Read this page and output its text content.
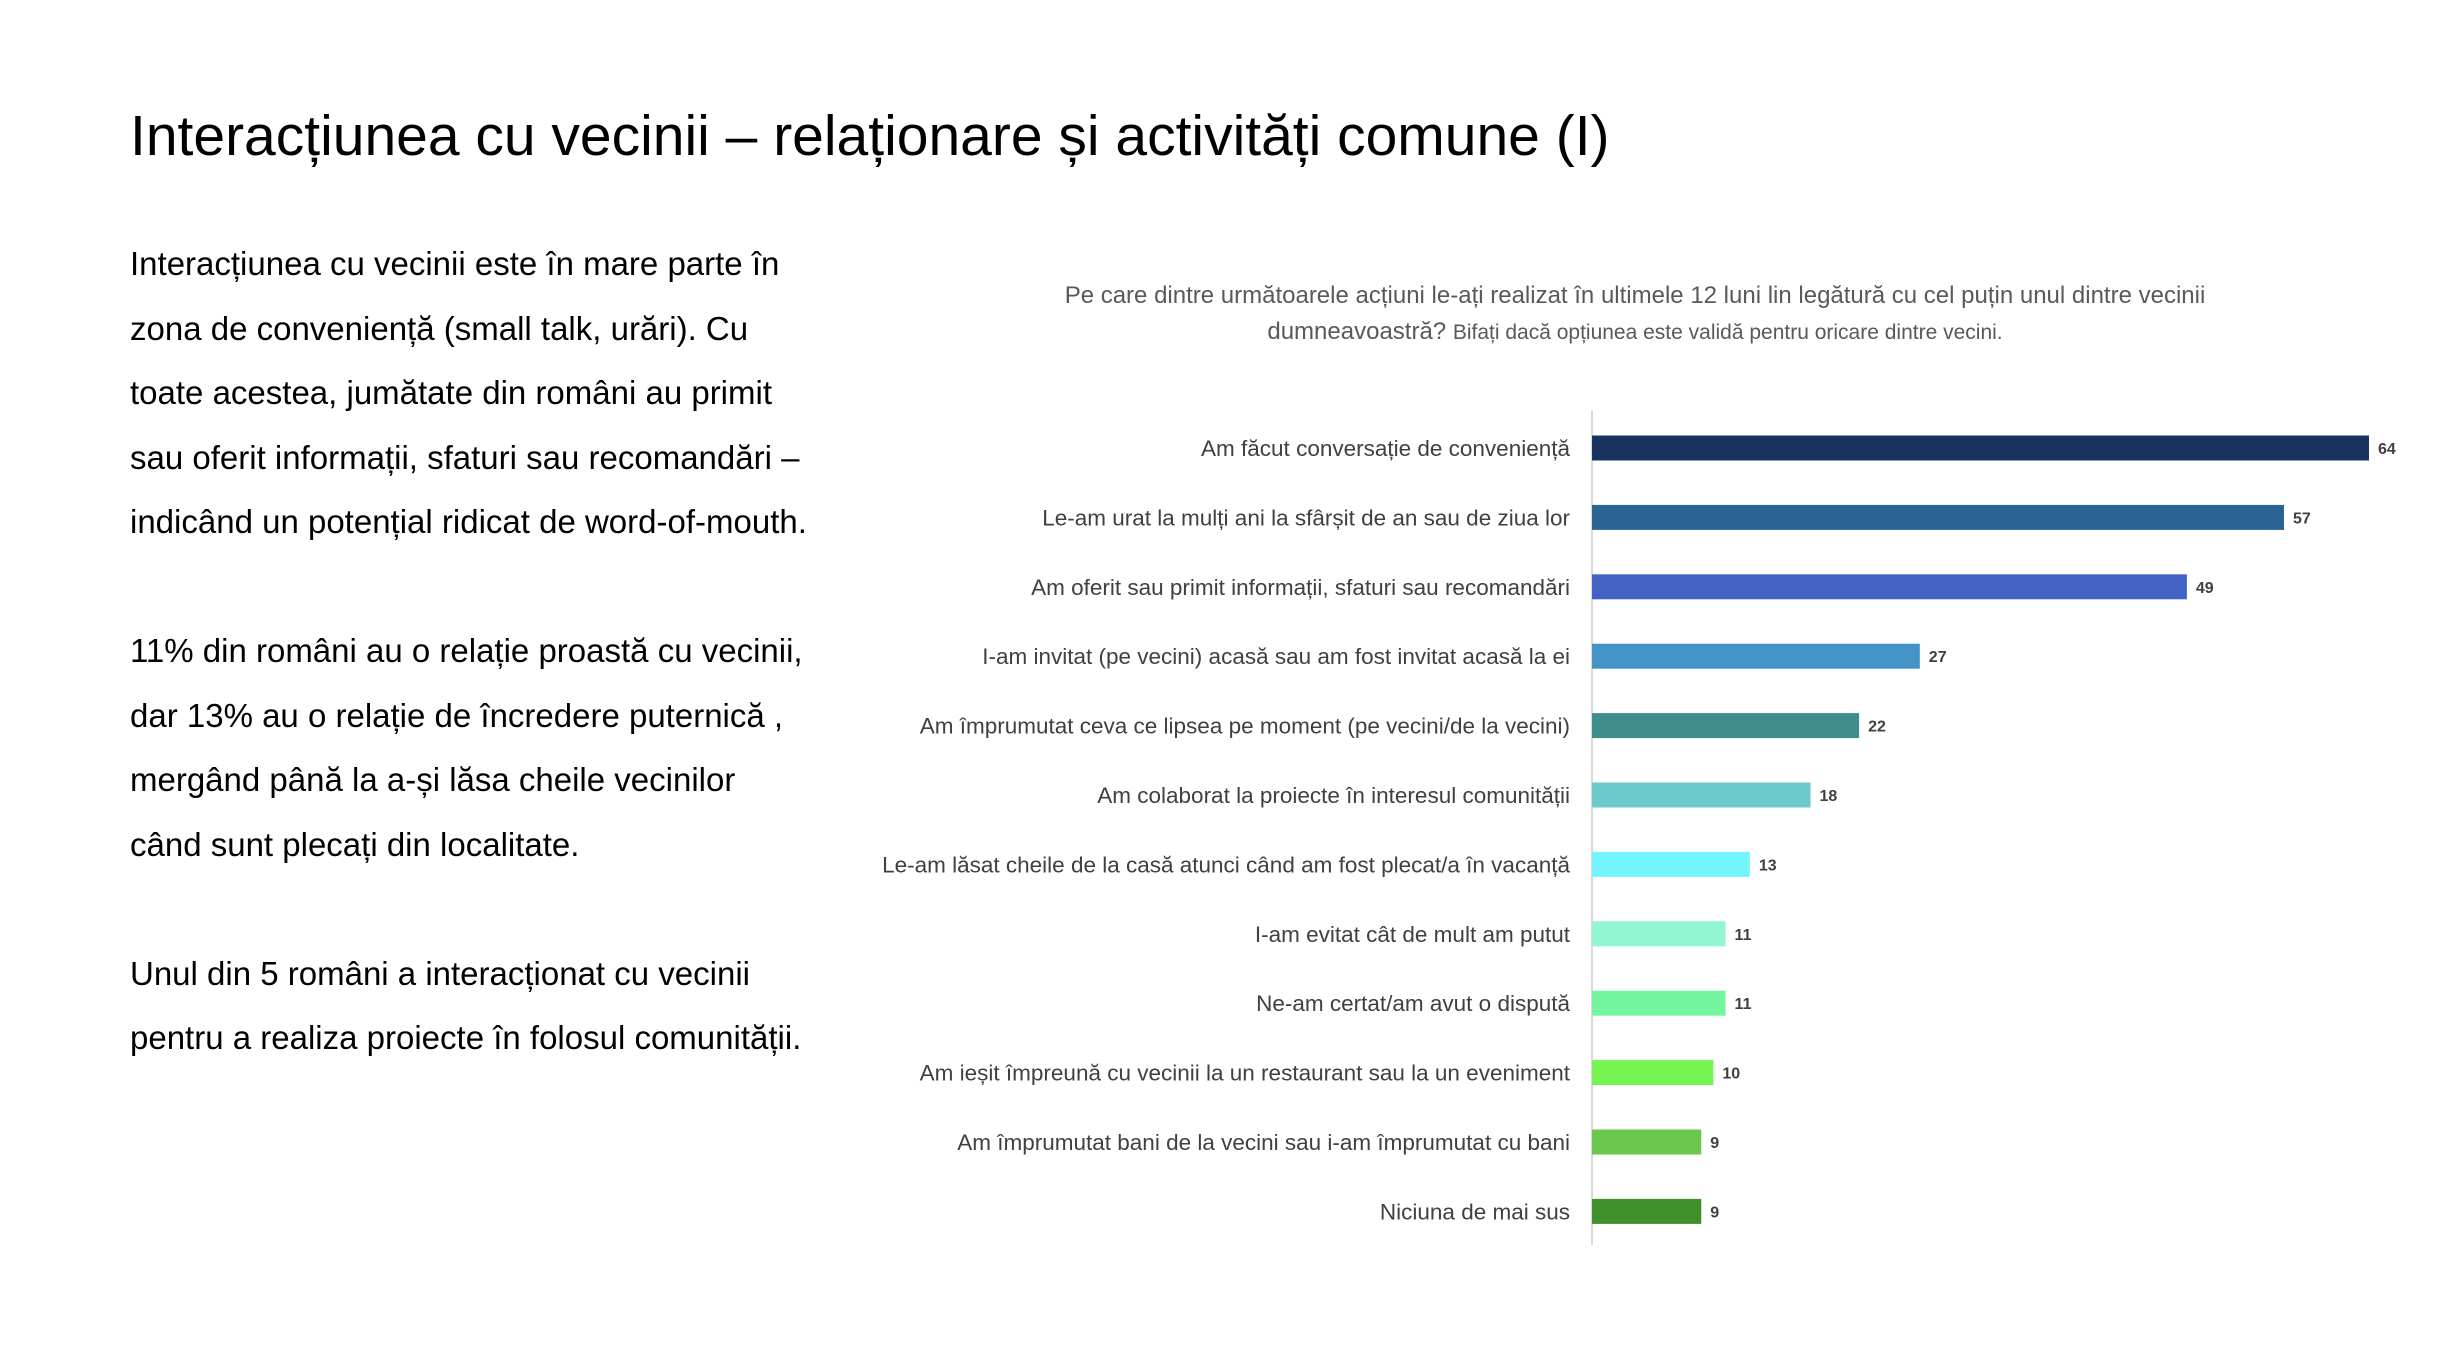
Interacțiunea cu vecinii – relaționare și activități comune (I)

Interacțiunea cu vecinii este în mare parte în zona de conveniență (small talk, urări). Cu toate acestea, jumătate din români au primit sau oferit informații, sfaturi sau recomandări – indicând un potențial ridicat de word-of-mouth.

11% din români au o relație proastă cu vecinii, dar 13% au o relație de încredere puternică , mergând până la a-și lăsa cheile vecinilor când sunt plecați din localitate.

Unul din 5 români a interacționat cu vecinii pentru a realiza proiecte în folosul comunității.

Pe care dintre următoarele acțiuni le-ați realizat în ultimele 12 luni lin legătură cu cel puțin unul dintre vecinii dumneavoastră? Bifați dacă opțiunea este validă pentru oricare dintre vecini.
Am făcut conversație de conveniență	64
Le-am urat la mulți ani la sfârșit de an sau de ziua lor	57
Am oferit sau primit informații, sfaturi sau recomandări	49
I-am invitat (pe vecini) acasă sau am fost invitat acasă la ei	27
Am împrumutat ceva ce lipsea pe moment (pe vecini/de la vecini)	22
Am colaborat la proiecte în interesul comunității	18
Le-am lăsat cheile de la casă atunci când am fost plecat/a în vacanță	13
I-am evitat cât de mult am putut	11
Ne-am certat/am avut o dispută	11
Am ieșit împreună cu vecinii la un restaurant sau la un eveniment	10
Am împrumutat bani de la vecini sau i-am împrumutat cu bani	9
Niciuna de mai sus	9
